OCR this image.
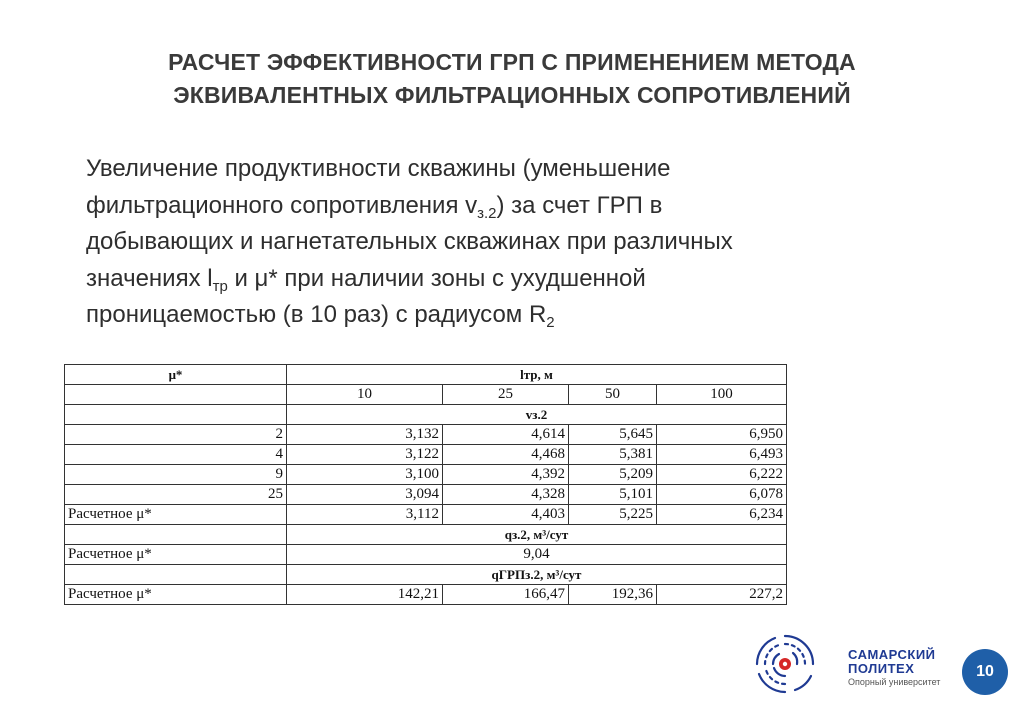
РАСЧЕТ ЭФФЕКТИВНОСТИ ГРП С ПРИМЕНЕНИЕМ МЕТОДА
ЭКВИВАЛЕНТНЫХ ФИЛЬТРАЦИОННЫХ СОПРОТИВЛЕНИЙ
Увеличение продуктивности скважины (уменьшение
фильтрационного сопротивления $v_{з.2}$) за счет ГРП в
добывающих и нагнетательных скважинах при различных
значениях $l_{тр}$ и μ* при наличии зоны с ухудшенной
проницаемостью (в 10 раз) с радиусом $R_2$
μ*	lтр, м			
	10	25	50	100
	vз.2			
2	3,132	4,614	5,645	6,950
4	3,122	4,468	5,381	6,493
9	3,100	4,392	5,209	6,222
25	3,094	4,328	5,101	6,078
Расчетное μ*	3,112	4,403	5,225	6,234
	qз.2, м³/сут			
Расчетное μ*	9,04			
	qГРПз.2, м³/сут			
Расчетное μ*	142,21	166,47	192,36	227,2
САМАРСКИЙ
ПОЛИТЕХ
Опорный университет
10
